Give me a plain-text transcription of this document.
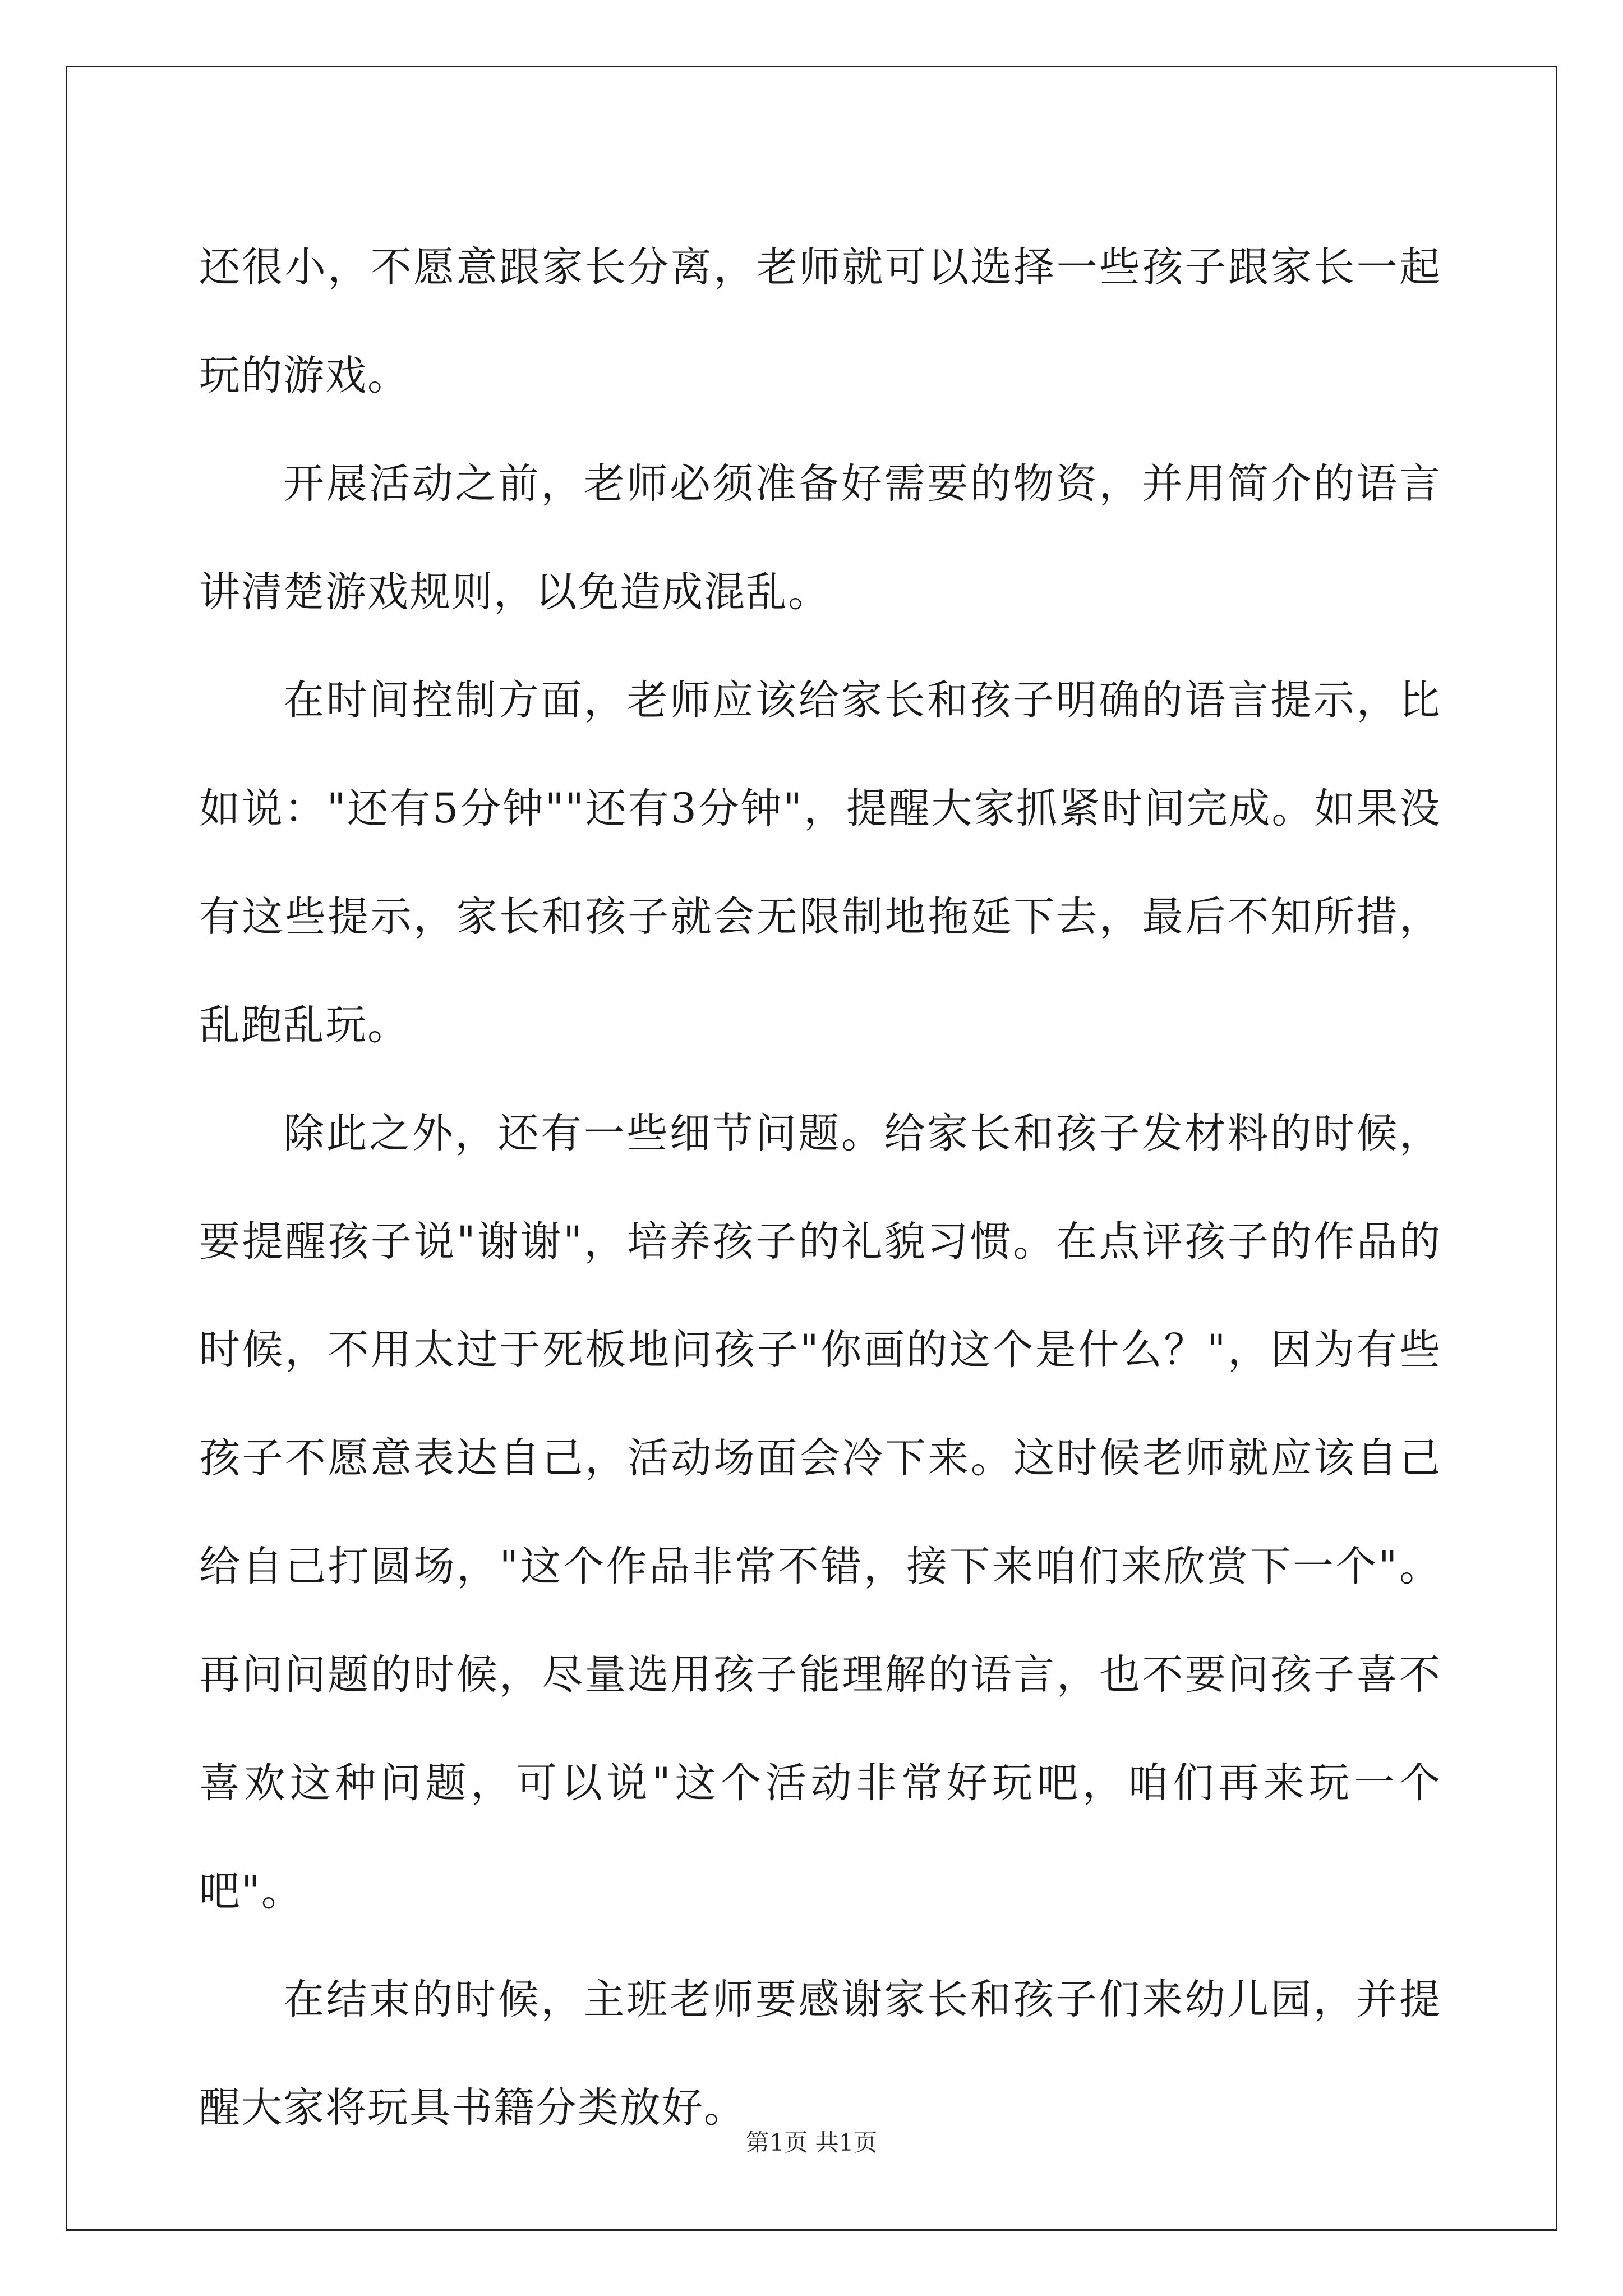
还很小，不愿意跟家长分离，老师就可以选择一些孩子跟家长一起玩的游戏。

开展活动之前，老师必须准备好需要的物资，并用简介的语言讲清楚游戏规则，以免造成混乱。

在时间控制方面，老师应该给家长和孩子明确的语言提示，比如说："还有5分钟""还有3分钟"，提醒大家抓紧时间完成。如果没有这些提示，家长和孩子就会无限制地拖延下去，最后不知所措，乱跑乱玩。

除此之外，还有一些细节问题。给家长和孩子发材料的时候，要提醒孩子说"谢谢"，培养孩子的礼貌习惯。在点评孩子的作品的时候，不用太过于死板地问孩子"你画的这个是什么？"，因为有些孩子不愿意表达自己，活动场面会冷下来。这时候老师就应该自己给自己打圆场，"这个作品非常不错，接下来咱们来欣赏下一个"。再问问题的时候，尽量选用孩子能理解的语言，也不要问孩子喜不喜欢这种问题，可以说"这个活动非常好玩吧，咱们再来玩一个吧"。

在结束的时候，主班老师要感谢家长和孩子们来幼儿园，并提醒大家将玩具书籍分类放好。

第1页 共1页
